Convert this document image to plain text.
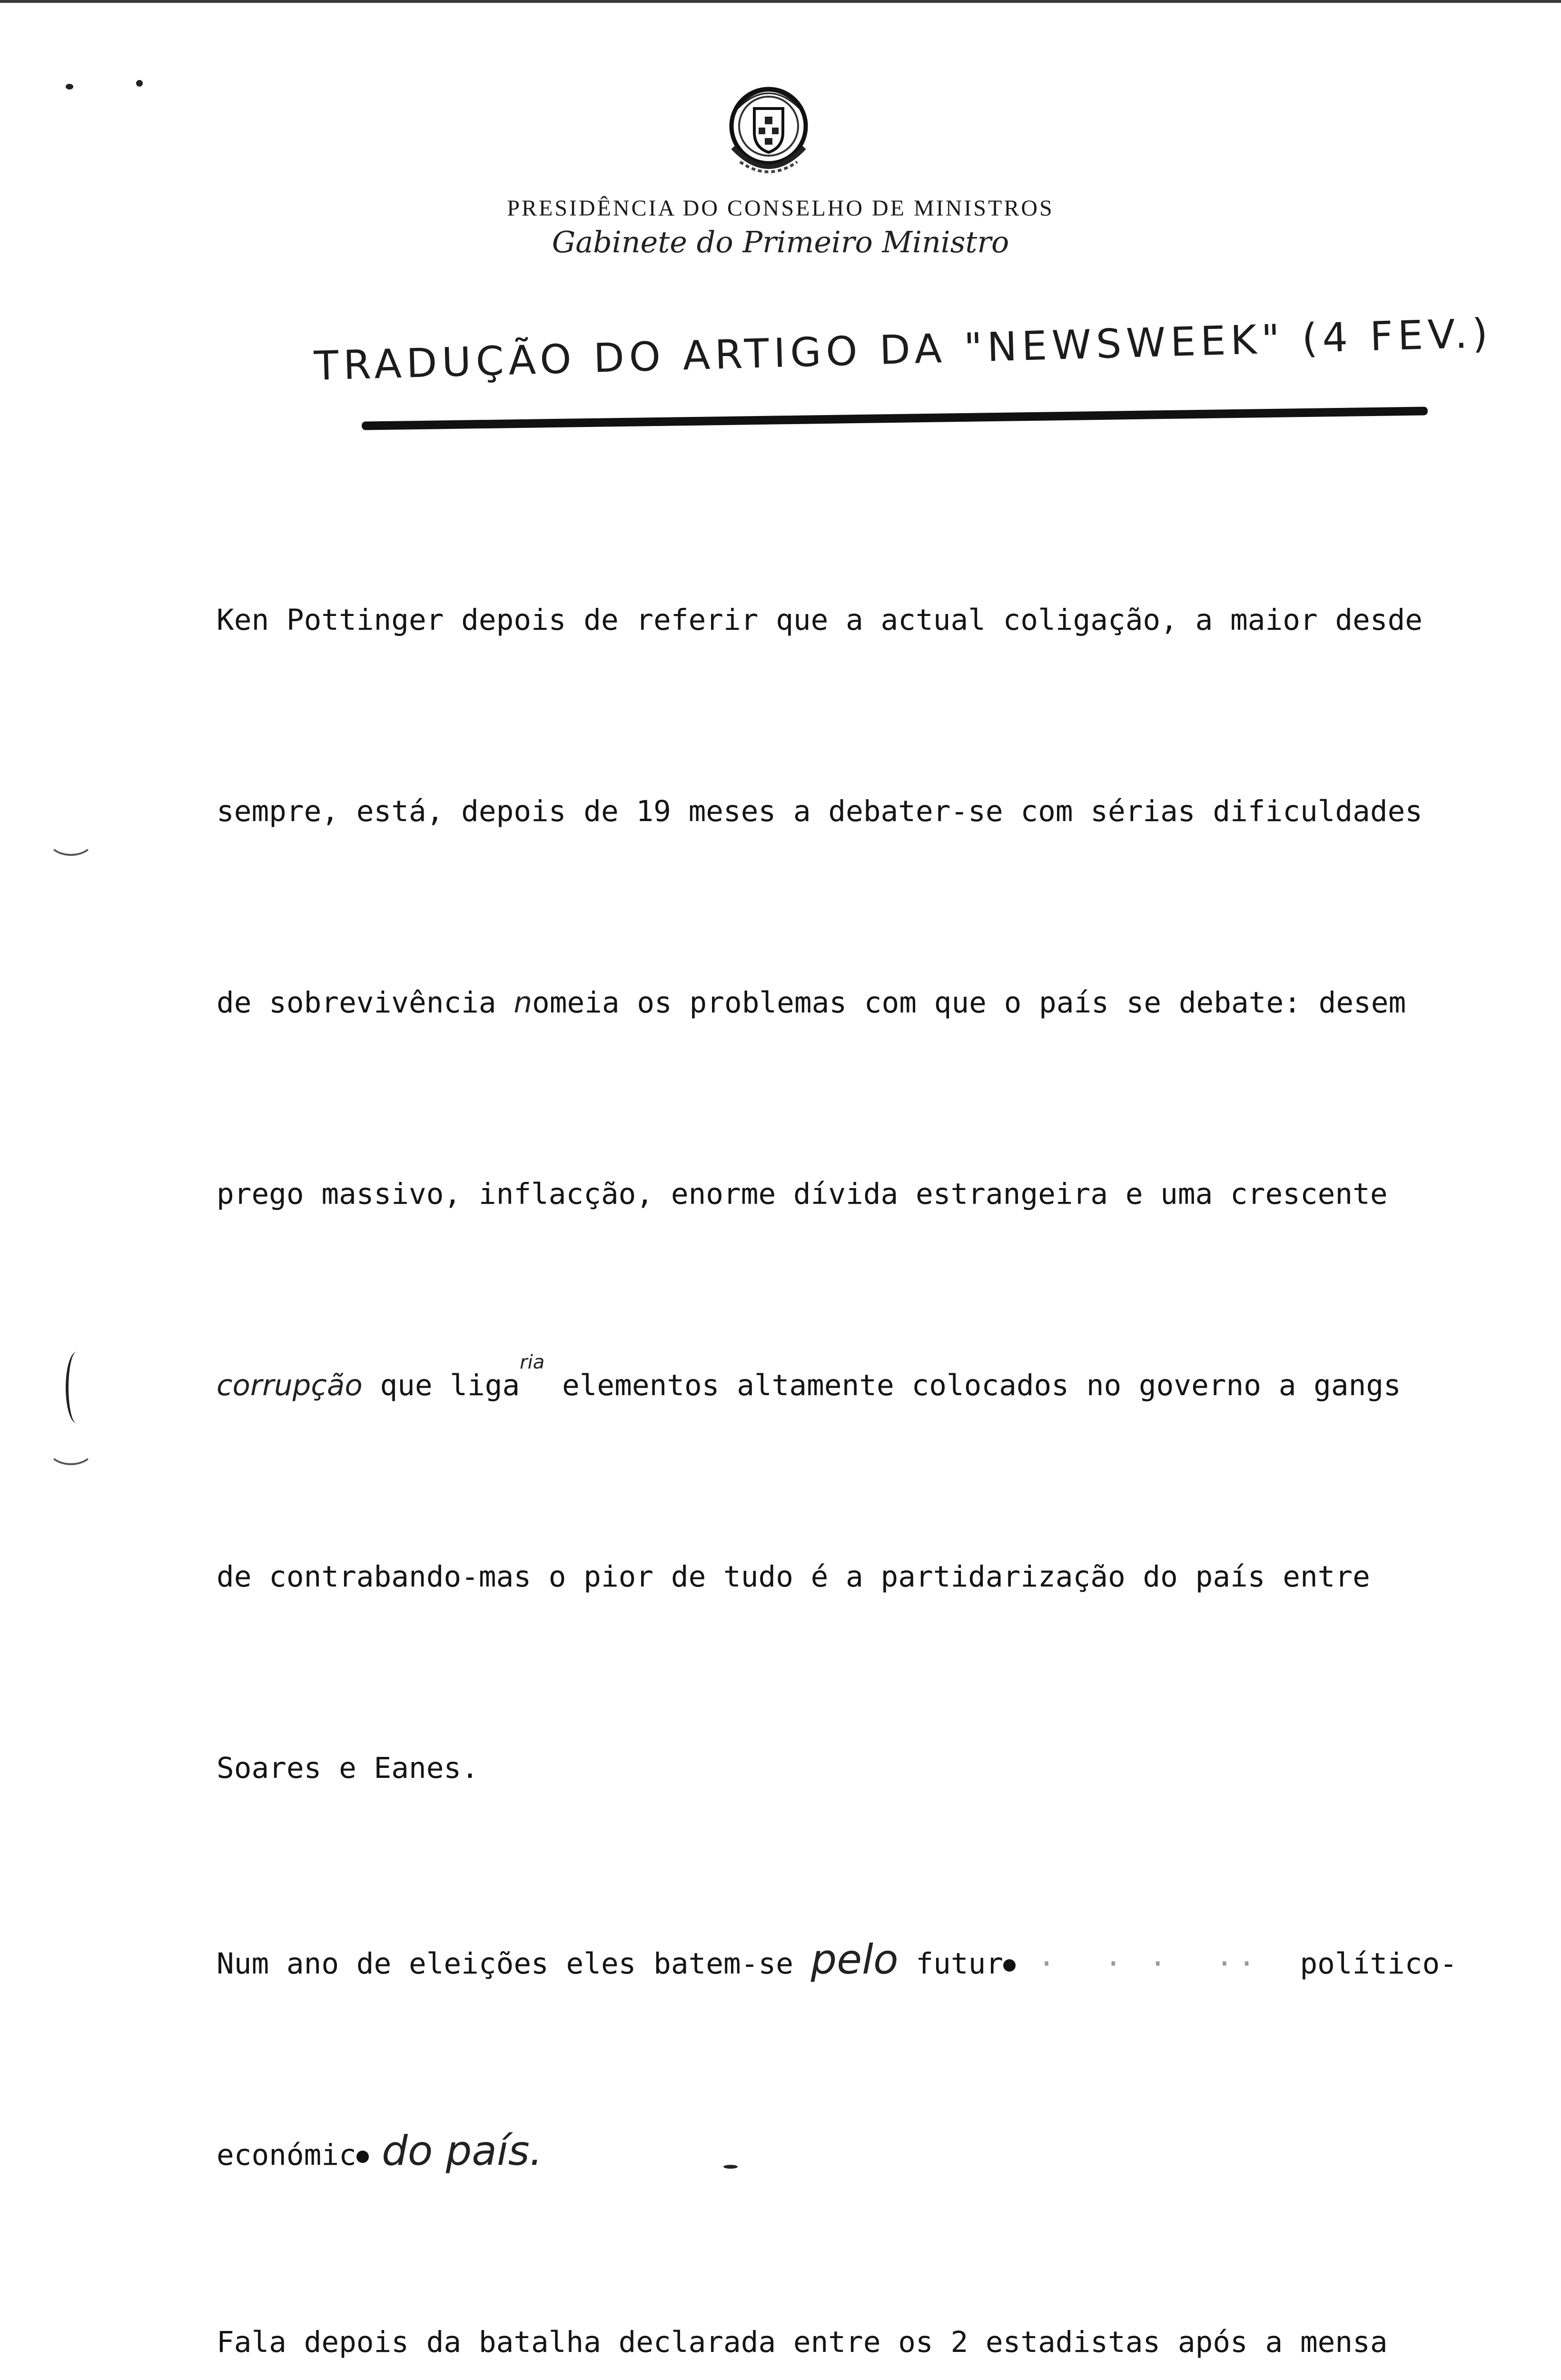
PRESIDÊNCIA DO CONSELHO DE MINISTROS
Gabinete do Primeiro Ministro
TRADUÇÃO DO ARTIGO DA "NEWSWEEK" (4 FEV.)

Ken Pottinger depois de referir que a actual coligação, a maior desde

sempre, está, depois de 19 meses a debater-se com sérias dificuldades

de sobrevivência nomeia os problemas com que o país se debate: desem

prego massivo, inflacção, enorme dívida estrangeira e uma crescente

corrupção que liga$^{ria}$ elementos altamente colocados no governo a gangs

de contrabando-mas o pior de tudo é a partidarização do país entre

Soares e Eanes.

Num ano de eleições eles batem-se pelo futur ·  · ·  ··  político-

económic do país.

Fala depois da batalha declarada entre os 2 estadistas após a mensa
